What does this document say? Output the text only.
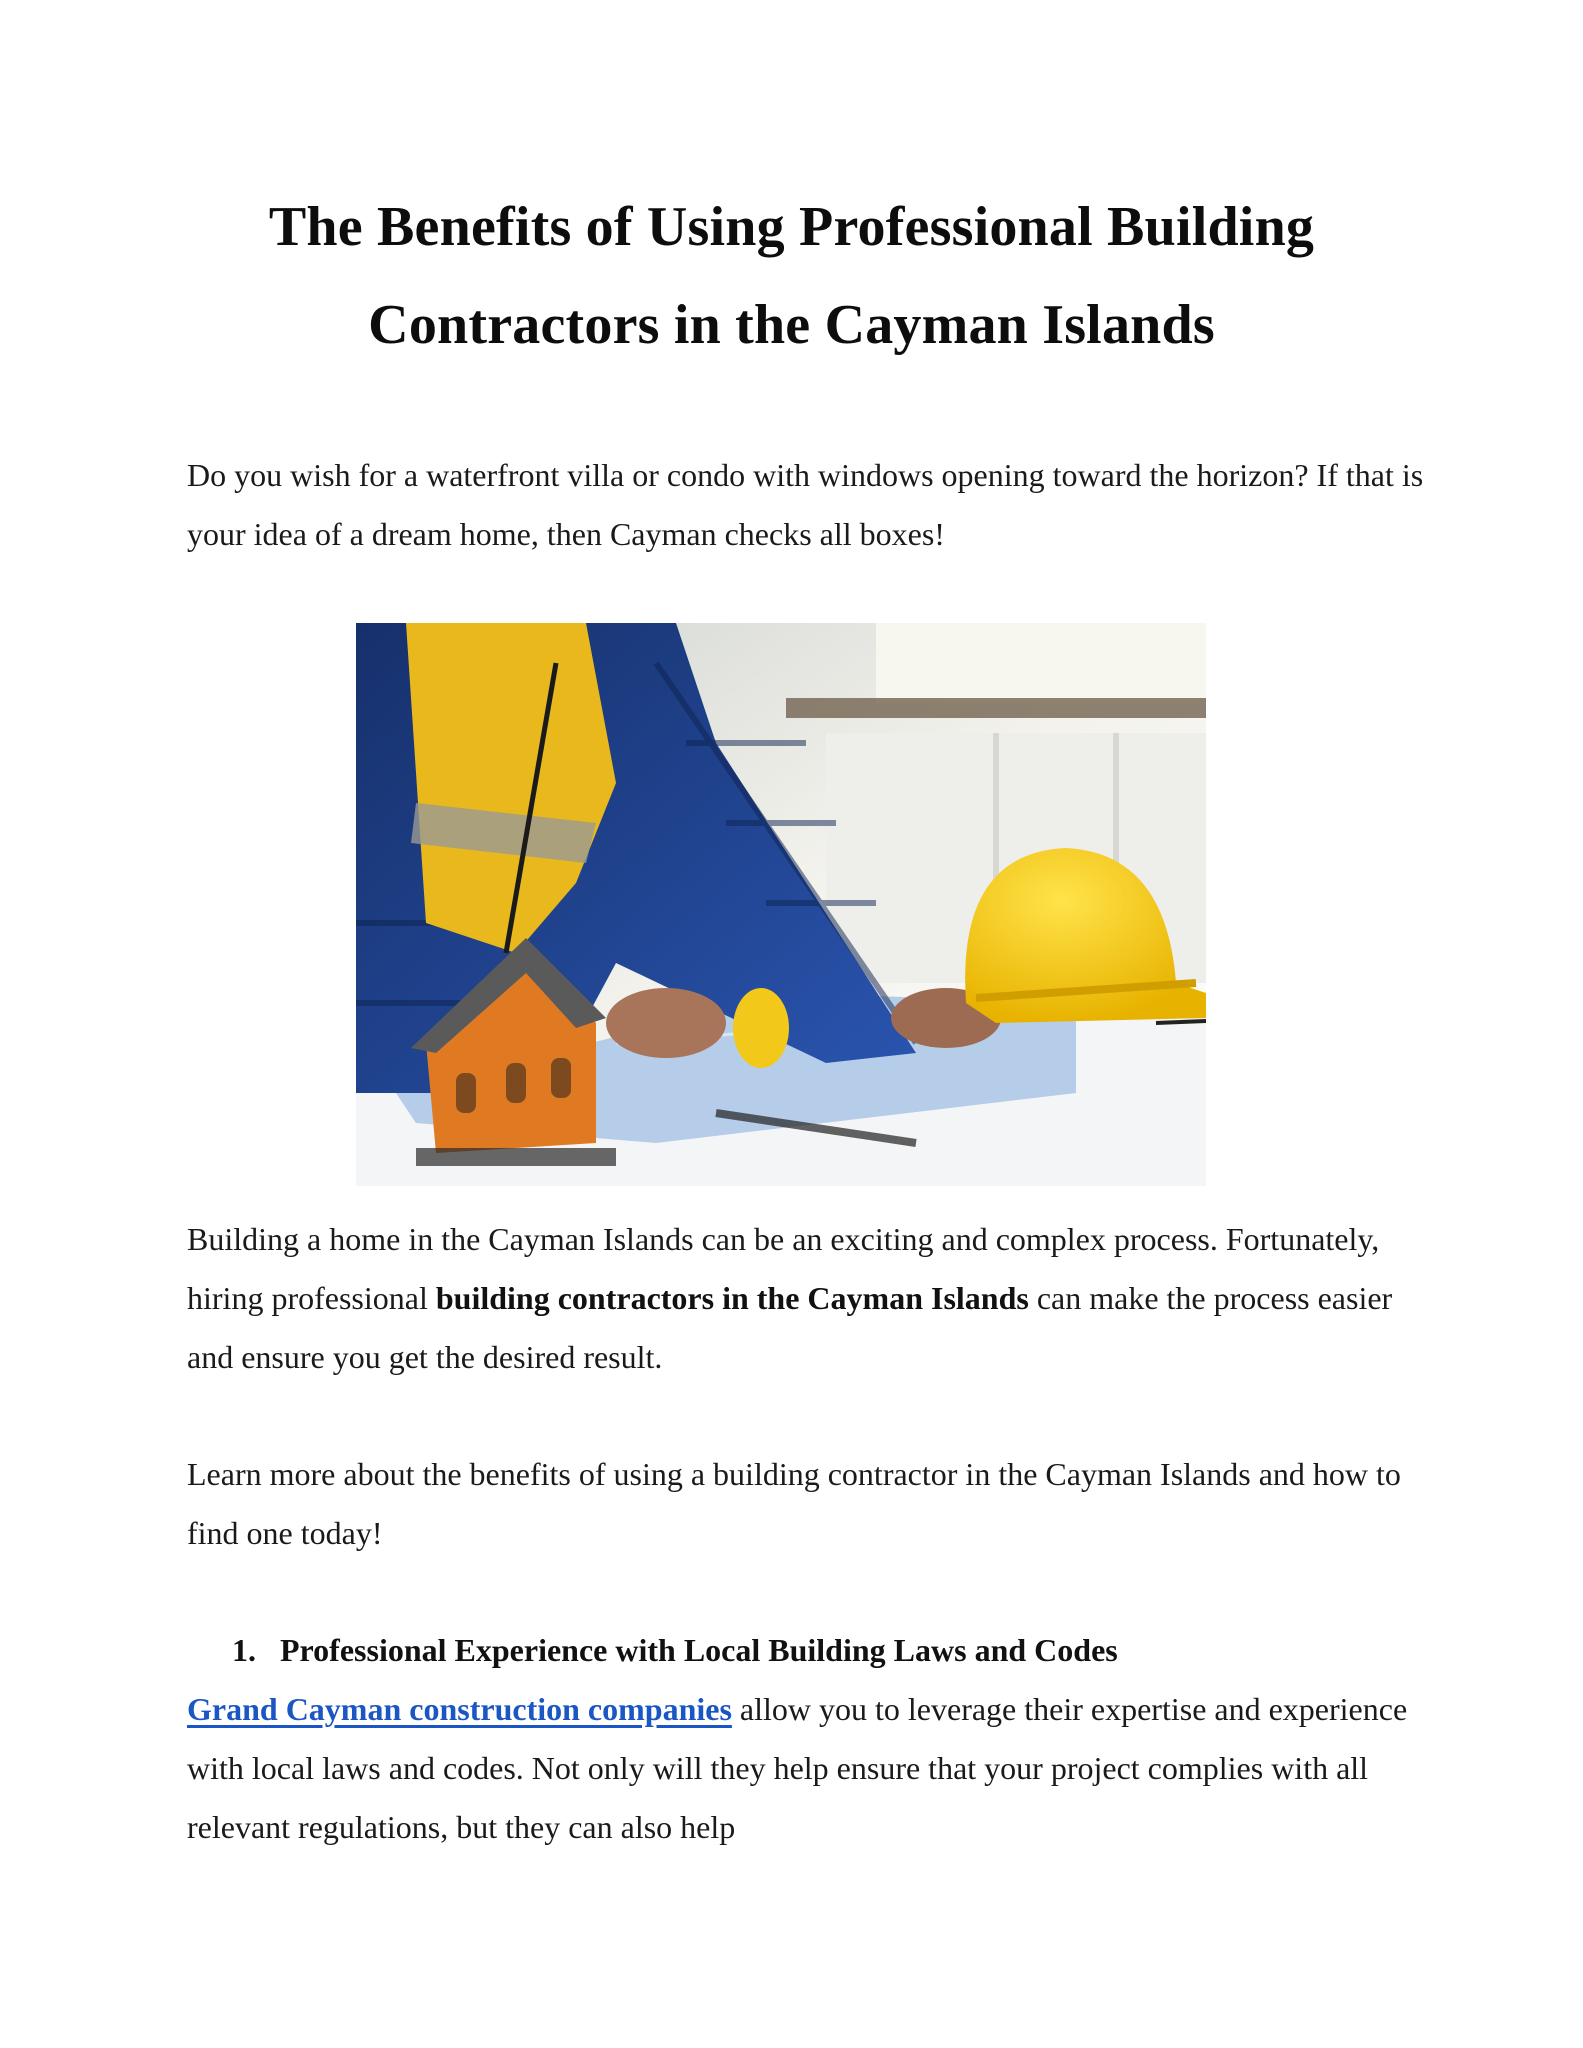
The Benefits of Using Professional Building Contractors in the Cayman Islands

Do you wish for a waterfront villa or condo with windows opening toward the horizon? If that is your idea of a dream home, then Cayman checks all boxes!

Building a home in the Cayman Islands can be an exciting and complex process. Fortunately, hiring professional building contractors in the Cayman Islands can make the process easier and ensure you get the desired result.

Learn more about the benefits of using a building contractor in the Cayman Islands and how to find one today!

1. Professional Experience with Local Building Laws and Codes

Grand Cayman construction companies allow you to leverage their expertise and experience with local laws and codes. Not only will they help ensure that your project complies with all relevant regulations, but they can also help
